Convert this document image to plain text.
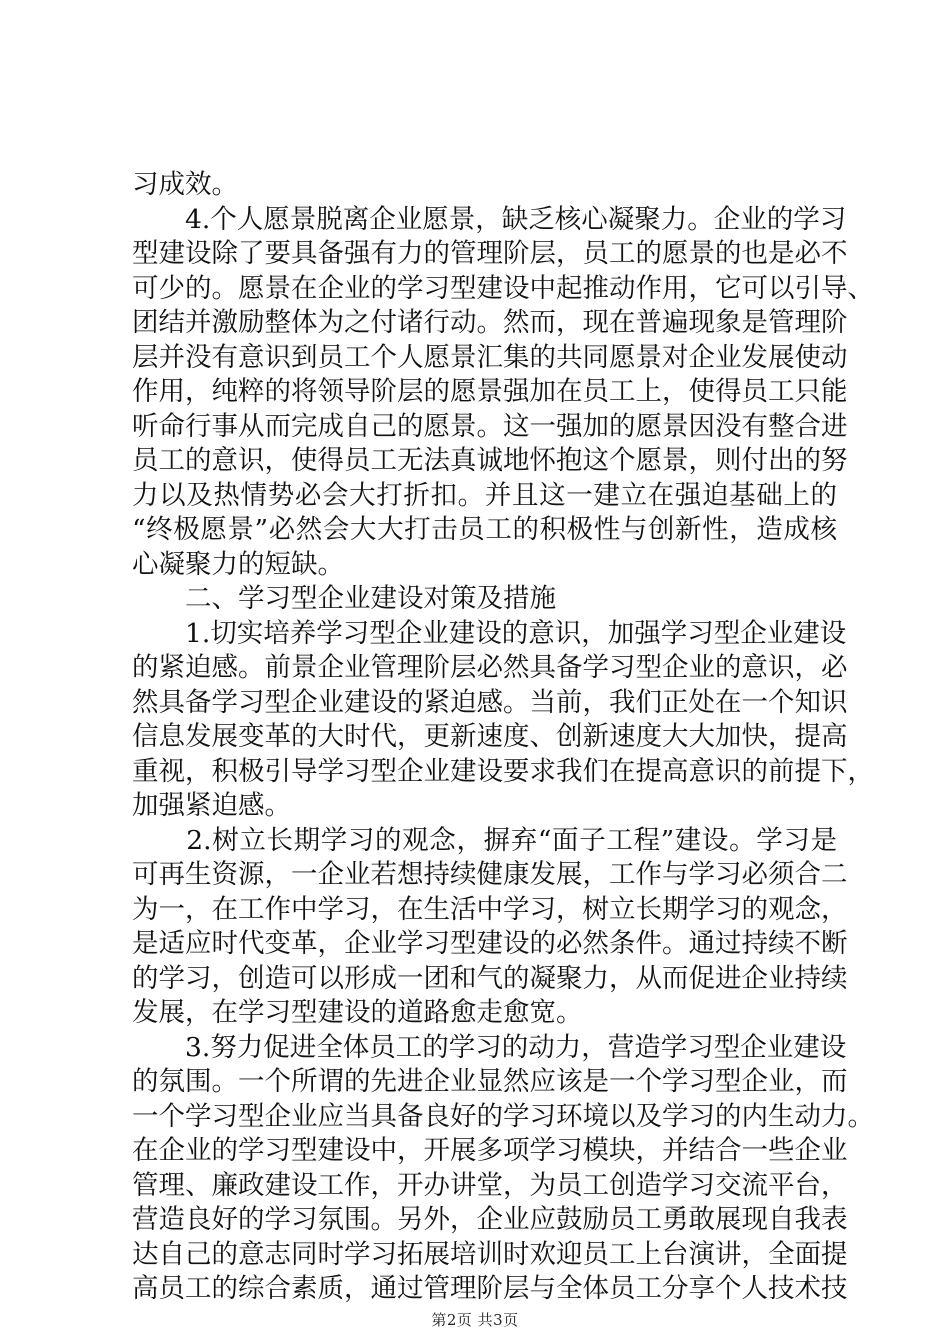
习成效。
　　4.个人愿景脱离企业愿景，缺乏核心凝聚力。企业的学习
型建设除了要具备强有力的管理阶层，员工的愿景的也是必不
可少的。愿景在企业的学习型建设中起推动作用，它可以引导、
团结并激励整体为之付诸行动。然而，现在普遍现象是管理阶
层并没有意识到员工个人愿景汇集的共同愿景对企业发展使动
作用，纯粹的将领导阶层的愿景强加在员工上，使得员工只能
听命行事从而完成自己的愿景。这一强加的愿景因没有整合进
员工的意识，使得员工无法真诚地怀抱这个愿景，则付出的努
力以及热情势必会大打折扣。并且这一建立在强迫基础上的
“终极愿景”必然会大大打击员工的积极性与创新性，造成核
心凝聚力的短缺。
　　二、学习型企业建设对策及措施
　　1.切实培养学习型企业建设的意识，加强学习型企业建设
的紧迫感。前景企业管理阶层必然具备学习型企业的意识，必
然具备学习型企业建设的紧迫感。当前，我们正处在一个知识
信息发展变革的大时代，更新速度、创新速度大大加快，提高
重视，积极引导学习型企业建设要求我们在提高意识的前提下，
加强紧迫感。
　　2.树立长期学习的观念，摒弃“面子工程”建设。学习是
可再生资源，一企业若想持续健康发展，工作与学习必须合二
为一，在工作中学习，在生活中学习，树立长期学习的观念，
是适应时代变革，企业学习型建设的必然条件。通过持续不断
的学习，创造可以形成一团和气的凝聚力，从而促进企业持续
发展，在学习型建设的道路愈走愈宽。
　　3.努力促进全体员工的学习的动力，营造学习型企业建设
的氛围。一个所谓的先进企业显然应该是一个学习型企业，而
一个学习型企业应当具备良好的学习环境以及学习的内生动力。
在企业的学习型建设中，开展多项学习模块，并结合一些企业
管理、廉政建设工作，开办讲堂，为员工创造学习交流平台，
营造良好的学习氛围。另外，企业应鼓励员工勇敢展现自我表
达自己的意志同时学习拓展培训时欢迎员工上台演讲，全面提
高员工的综合素质，通过管理阶层与全体员工分享个人技术技
第2页 共3页
